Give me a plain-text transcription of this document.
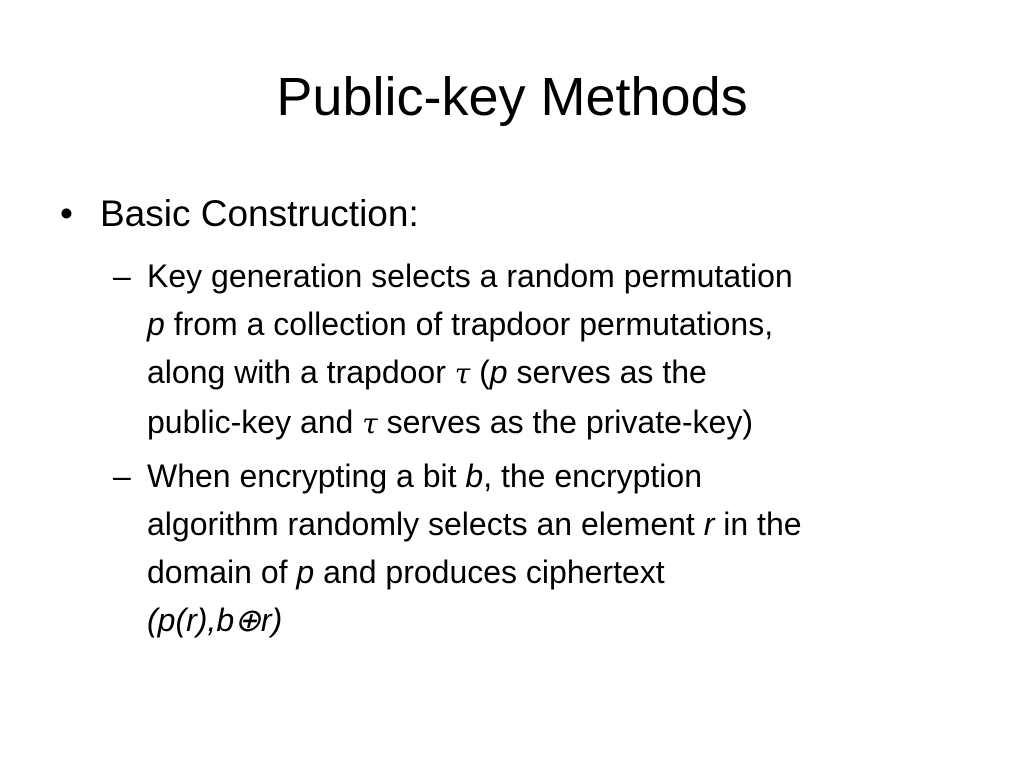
Public-key Methods
• Basic Construction:
– Key generation selects a random permutation
p from a collection of trapdoor permutations,
along with a trapdoor τ (p serves as the
public-key and τ serves as the private-key)
– When encrypting a bit b, the encryption
algorithm randomly selects an element r in the
domain of p and produces ciphertext
(p(r),b⊕r)
